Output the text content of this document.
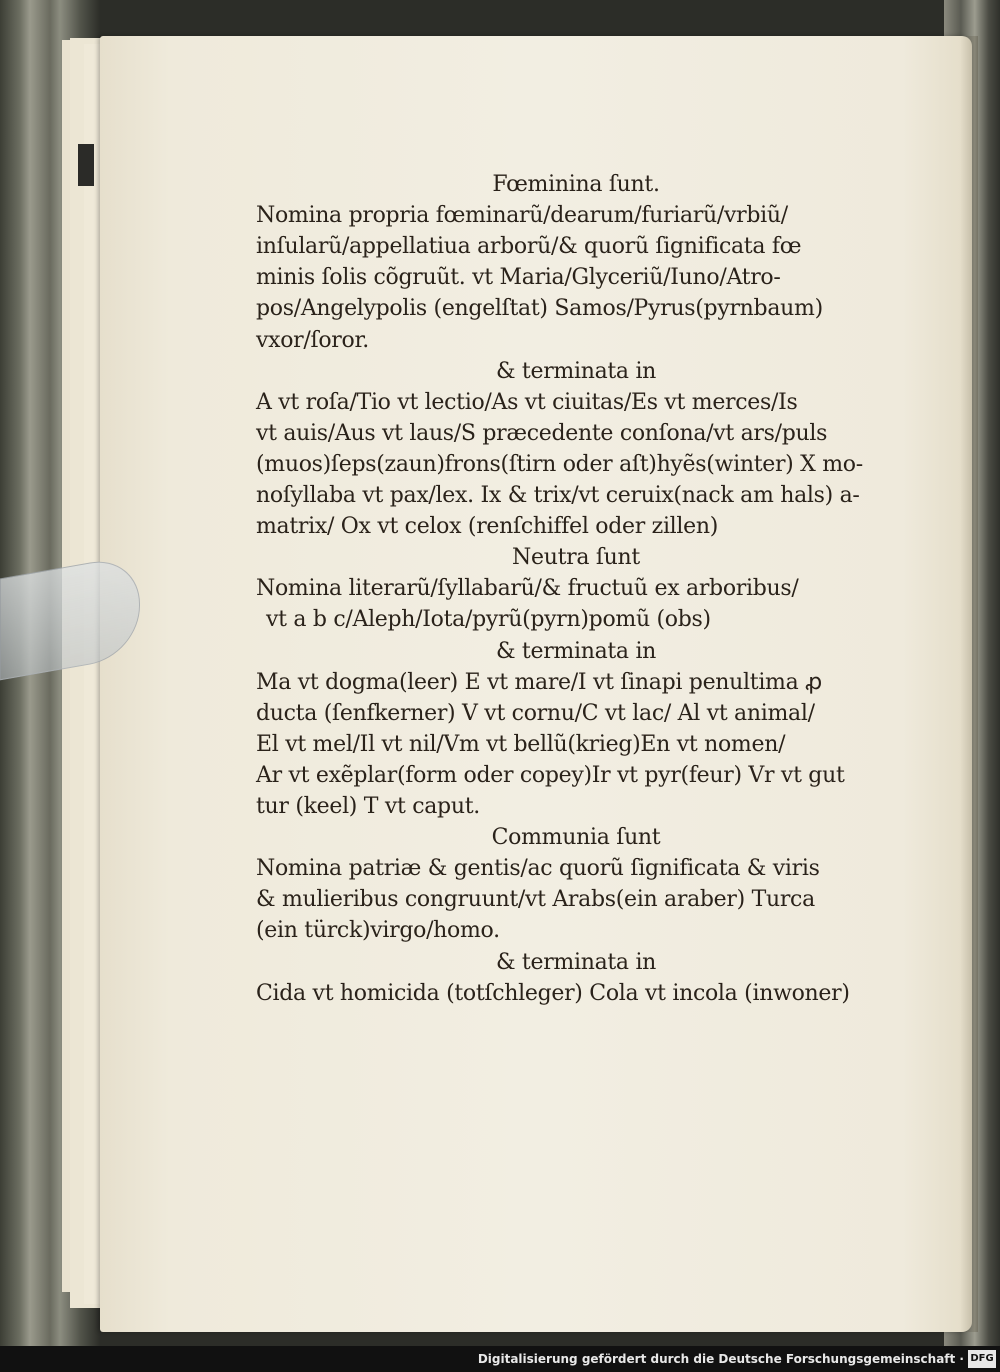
Fœminina ſunt.
Nomina propria fœminarũ/dearum/furiarũ/vrbiũ/
inſularũ/appellatiua arborũ/& quorũ ſignificata fœ
minis ſolis cõgruũt. vt Maria/Glyceriũ/Iuno/Atro-
pos/Angelypolis (engelſtat) Samos/Pyrus(pyrnbaum)
vxor/ſoror.
& terminata in
A vt roſa/Tio vt lectio/As vt ciuitas/Es vt merces/Is
vt auis/Aus vt laus/S præcedente conſona/vt ars/puls
(muos)ſeps(zaun)frons(ſtirn oder aſt)hyẽs(winter) X mo-
noſyllaba vt pax/lex. Ix & trix/vt ceruix(nack am hals) a-
matrix/ Ox vt celox (renſchiffel oder zillen)
Neutra ſunt
Nomina literarũ/ſyllabarũ/& fructuũ ex arboribus/
vt a b c/Aleph/Iota/pyrũ(pyrn)pomũ (obs)
& terminata in
Ma vt dogma(leer) E vt mare/I vt ſinapi penultima ꝓ
ducta (ſenfkerner) V vt cornu/C vt lac/ Al vt animal/
El vt mel/Il vt nil/Vm vt bellũ(krieg)En vt nomen/
Ar vt exẽplar(form oder copey)Ir vt pyr(feur) Vr vt gut
tur (keel) T vt caput.
Communia ſunt
Nomina patriæ & gentis/ac quorũ ſignificata & viris
& mulieribus congruunt/vt Arabs(ein araber) Turca
(ein türck)virgo/homo.
& terminata in
Cida vt homicida (totſchleger) Cola vt incola (inwoner)
Digitalisierung gefördert durch die Deutsche Forschungsgemeinschaft · DFG
